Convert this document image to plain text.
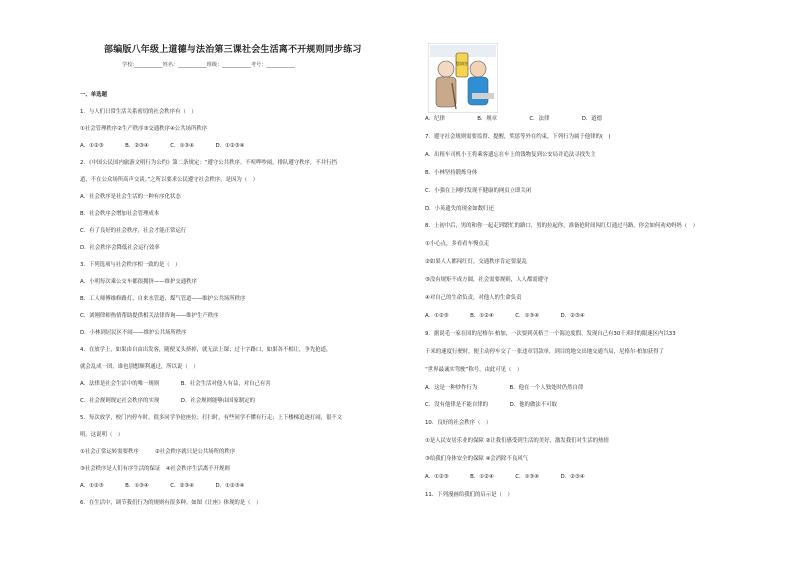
部编版八年级上道德与法治第三课社会生活离不开规则同步练习
学校:___________姓名：___________班级：___________考号：___________
一、单选题
1．与人们日常生活关系密切的社会秩序有（　）
①社会管理秩序②生产秩序③交通秩序④公共场所秩序
A．①②③　　　　B．②③④　　　　C．①③④　　　　D．①②③④
2．《中国公民国内旅游文明行为公约》第二条规定：“遵守公共秩序。不喧哗吵闹，排队遵守秩序，不并行挡
道，不在公众场所高声交谈。”之所以要求公民遵守社会秩序，是因为（　）
A．社会秩序是社会生活的一种有序化状态
B．社会秩序会增加社会管理成本
C．有了良好的社会秩序，社会才能正常运行
D．社会秩序会降低社会运行效率
3．下列选项与社会秩序相一致的是（　）
A．小明每次乘公交车都很拥挤——维护交通秩序
B．工人师傅维修路灯、自来水管道、煤气管道——维护公共场所秩序
C．刘刚律师热情帮助提供相关法律咨询——维护生产秩序
D．小林到居民区不闹——维护公共场所秩序
4．在放学上，如果由自由出发客，随便叉头挤掉，就无法上课；过十字路口，如果各不相让，争先抢道，
就会乱成一团，谁也别想顺利通过，所以说（　）
A．法律是社会生活中的唯一规则　　　　B．社会生活对他人有益，对自己有害
C．社会规则规定社会秩序的实现　　　　D．社会规则能够由国家制定的
5．每次放学，校门内停车时，很多同学争抢座位；打扫时，有些同学不懂有行走；上下楼梯追逐打闹，很不文
明。这说明（　）
①社会正常运转需要秩序　　　②社会秩序就只是公共场所的秩序
③社会秩序是人们有序生活的保证　④社会秩序生活离不开规则
A．①②③　　　　B．①③④　　　　C．②③④　　　　D．①②③④
6．在生活中，调节我们行为的规则有很多种。如图《让座》体现的是（　）
A．纪律　　　　　　B．规章　　　　　　C．法律　　　　　　D．道德
7．遵守社会规则需要监督、提醒，奖惩等外在约束，下列行为属于他律的(　)
A．出租车司机小王将乘客遗忘在车上的钱物复到公安局并追法寻找失主
B．小林坚持锻炼身体
C．小强在上网时发现不健康的网页立即关闭
D．小英遗失的现金如数归还
8．上初中后，男的和你一起走到繁忙的路口，男的拉起你，准备抢时间闯红灯通过马路。你会如何劝劝妈妈（　）
①小心点，多看看车慢点走
②如果人人都闯红灯，交通秩序肯定要混乱
③没有规矩不成方圆，社会需要规则，人人都需遵守
④对自己的生命负责，对他人的生命负责
A．①②③　　　　B．①②④　　　　C．①③④　　　　D．②③④
9．据说毛一家在国的尼格尔·柏加，一次要到英格兰一个海边度假，发现自己有30千米时的限速区内以33
千米的速度行驶时，便主动停车交了一张违章罚款单，到目的地交出地交通当局，尼格尔·柏加获得了
“世界最诚实驾驶”称号，由此可见（　）
A．这是一种炒作行为　　　　　　B．他在一个人独处时仍然自律
C．没有他律是不能自律的　　　　D．他的做法不可取
10．良好的社会秩序（　）
①是人民安居乐业的保障 ②让我们感受到生活的美好，激发我们对生活的热情
③给我们身体安全的保障 ④会消除不良风气
A．①②③　　　　B．①②④　　　　C．①③④　　　　D．②③④
11．下列漫画给我们的启示是（　）
您请坐
